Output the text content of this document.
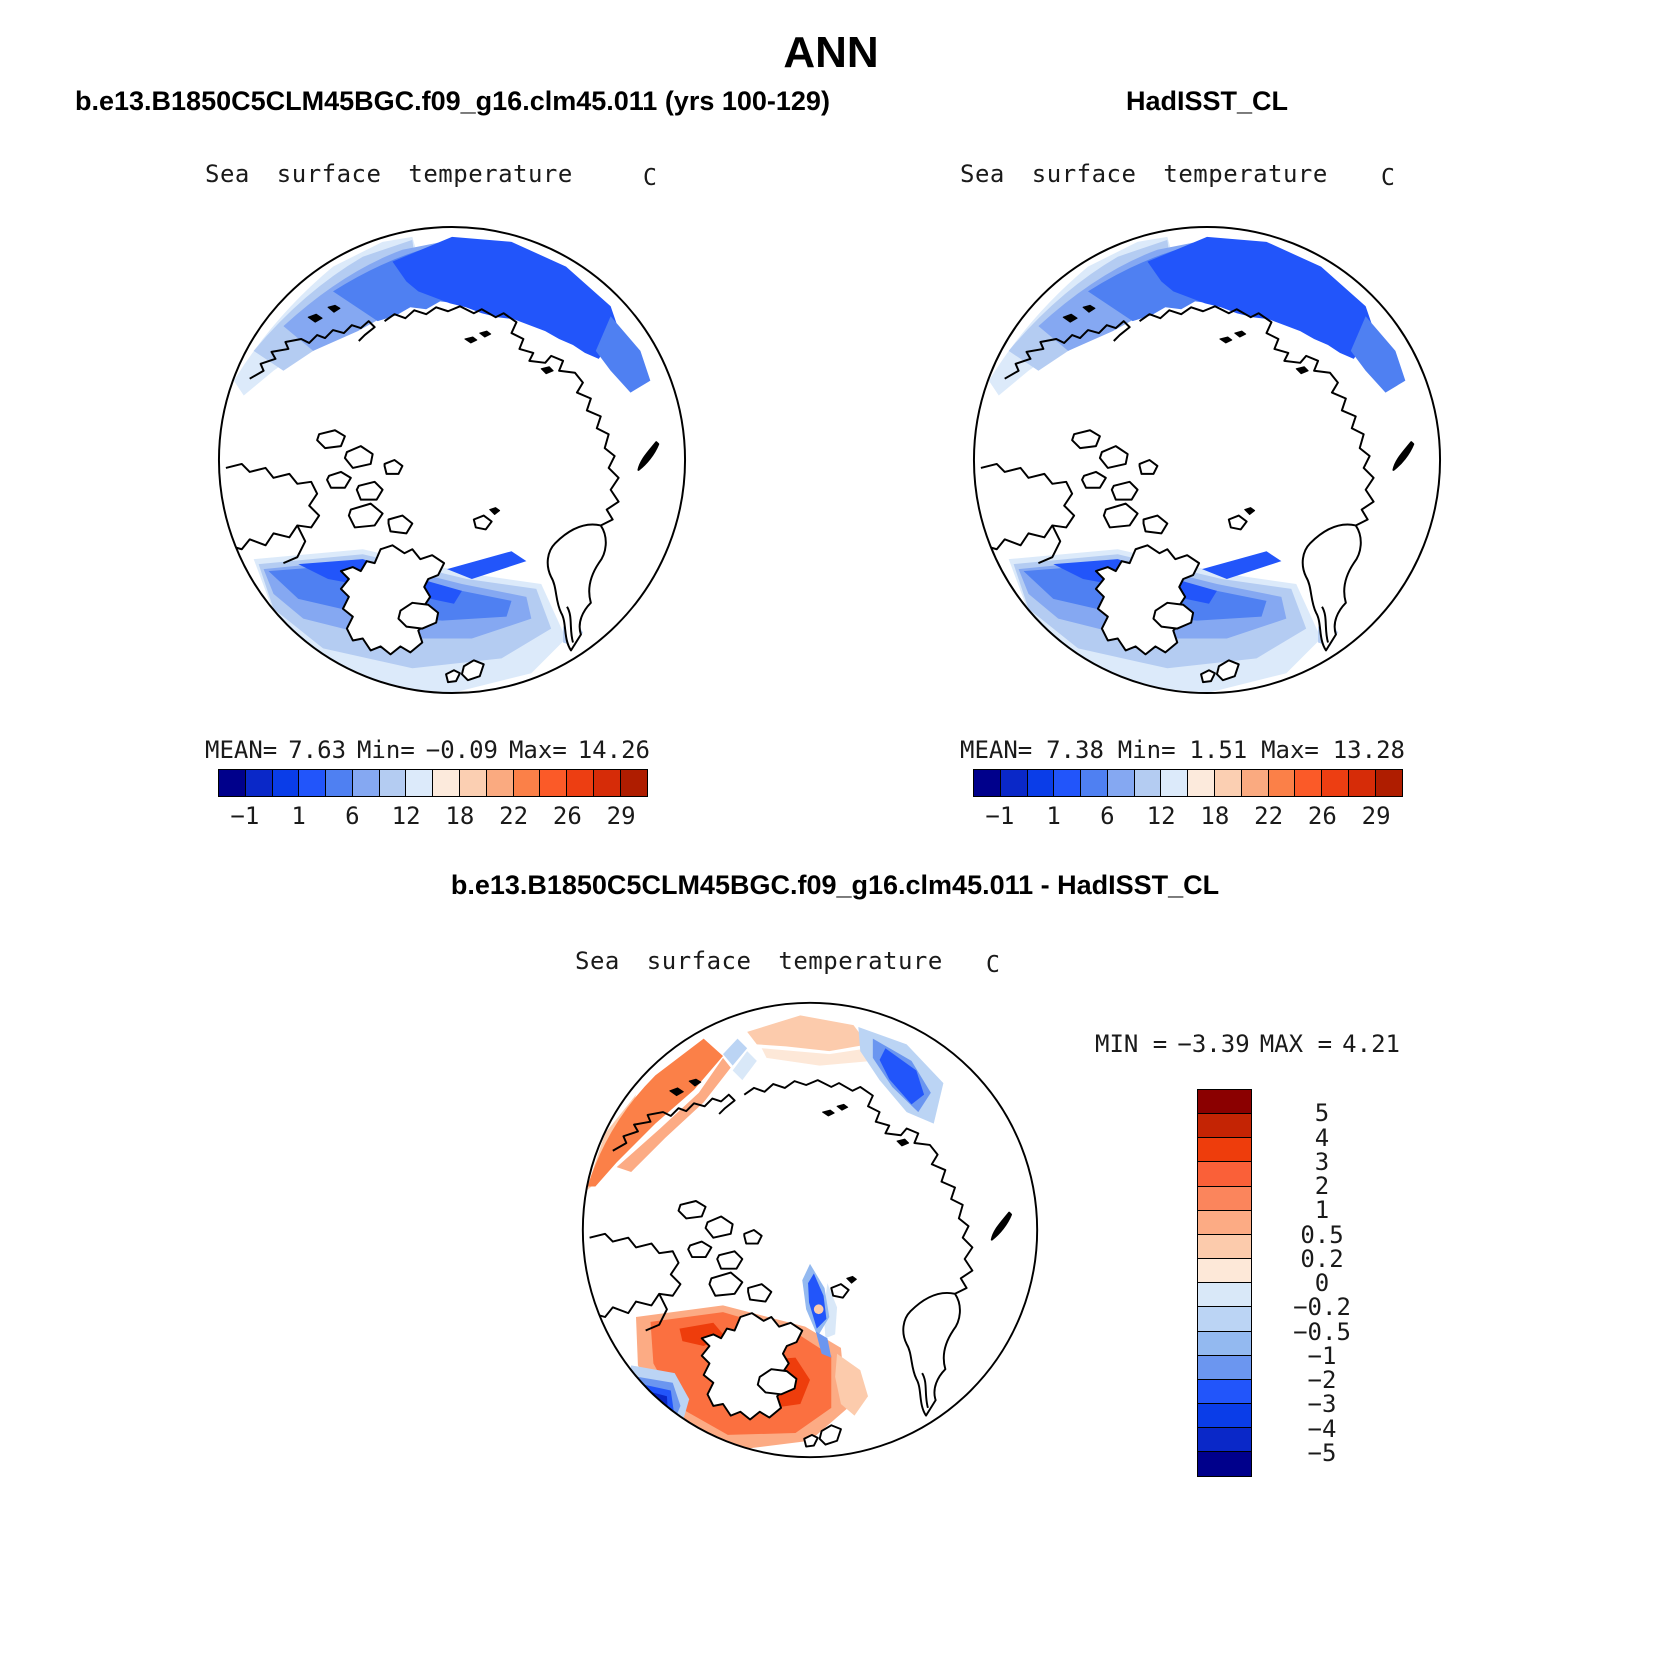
ANN
b.e13.B1850C5CLM45BGC.f09_g16.clm45.011 (yrs 100-129)	HadISST_CL
b.e13.B1850C5CLM45BGC.f09_g16.clm45.011 - HadISST_CL
Sea surface temperature	C	Sea surface temperature C
Sea surface temperature C
MEAN= 7.63 Min= −0.09 Max= 14.26
−1 1 6 12 18 22 26 29
MEAN= 7.38 Min= 1.51 Max= 13.28
−1 1 6 12 18 22 26 29
MIN = −3.39 MAX = 4.21
5
4
3
2
1
0.5
0.2
0
−0.2
−0.5
−1
−2
−3
−4
−5
